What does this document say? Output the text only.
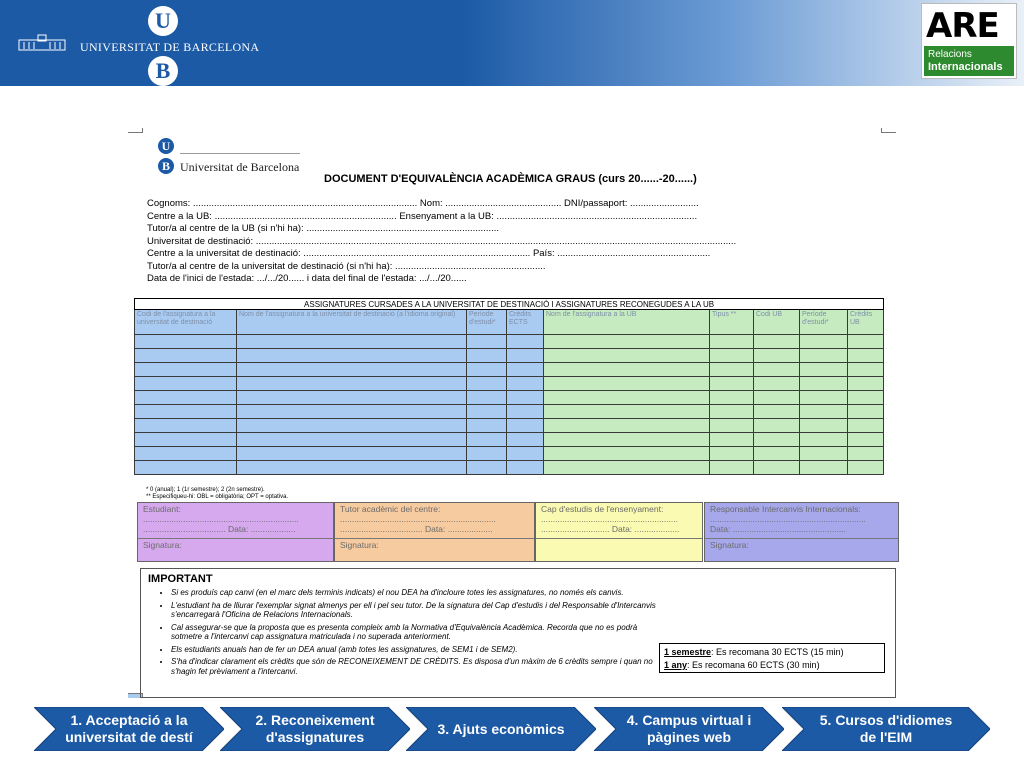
U
UNIVERSITAT DE BARCELONA
B
ARE
Relacions
Internacionals
U
B Universitat de Barcelona
DOCUMENT D'EQUIVALÈNCIA ACADÈMICA GRAUS (curs 20......-20......)
Cognoms: ..................................................................................... Nom: ............................................ DNI/passaport: ..........................
Centre a la UB: ..................................................................... Ensenyament a la UB: ............................................................................
Tutor/a al centre de la UB (si n'hi ha): .........................................................................
Universitat de destinació: ......................................................................................................................................................................................
Centre a la universitat de destinació: ...................................................................................... País: ..........................................................
Tutor/a al centre de la universitat de destinació (si n'hi ha): .........................................................
Data de l'inici de l'estada: .../.../20...... i data del final de l'estada: .../.../20......
ASSIGNATURES CURSADES A LA UNIVERSITAT DE DESTINACIÓ I ASSIGNATURES RECONEGUDES A LA UB								
Codi de l'assignatura a la universitat de destinació	Nom de l'assignatura a la universitat de destinació (a l'idioma original)	Període d'estudi*	Crèdits ECTS	Nom de l'assignatura a la UB	Tipus **	Codi UB	Període d'estudi*	Crèdits UB

* 0 (anual); 1 (1r semestre); 2 (2n semestre).
** Especifiqueu-hi: OBL = obligatòria; OPT = optativa.
Estudiant:
..................................................................
................................... Data: ...................
Signatura:
Tutor acadèmic del centre:
..................................................................
................................... Data: ...................
Signatura:
Cap d'estudis de l'ensenyament:
..........................................................
............................. Data: ...................
Responsable Intercanvis Internacionals:
..................................................................
Data: ................................................
Signatura:
IMPORTANT
• Si es produís cap canvi (en el marc dels terminis indicats) el nou DEA ha d'incloure totes les assignatures, no només els canvis.
• L'estudiant ha de lliurar l'exemplar signat almenys per ell i pel seu tutor. De la signatura del Cap d'estudis i del Responsable d'Intercanvis s'encarregarà l'Oficina de Relacions Internacionals.
• Cal assegurar-se que la proposta que es presenta compleix amb la Normativa d'Equivalència Acadèmica. Recorda que no es podrà sotmetre a l'intercanvi cap assignatura matriculada i no superada anteriorment.
• Els estudiants anuals han de fer un DEA anual (amb totes les assignatures, de SEM1 i de SEM2).
• S'ha d'indicar clarament els crèdits que són de RECONEIXEMENT DE CRÈDITS. Es disposa d'un màxim de 6 crèdits sempre i quan no s'hagin fet prèviament a l'intercanvi.
1 semestre: Es recomana 30 ECTS (15 min)
1 any: Es recomana 60 ECTS (30 min)
1. Acceptació a la universitat de destí
2. Reconeixement d'assignatures
3. Ajuts econòmics
4. Campus virtual i pàgines web
5. Cursos d'idiomes de l'EIM
